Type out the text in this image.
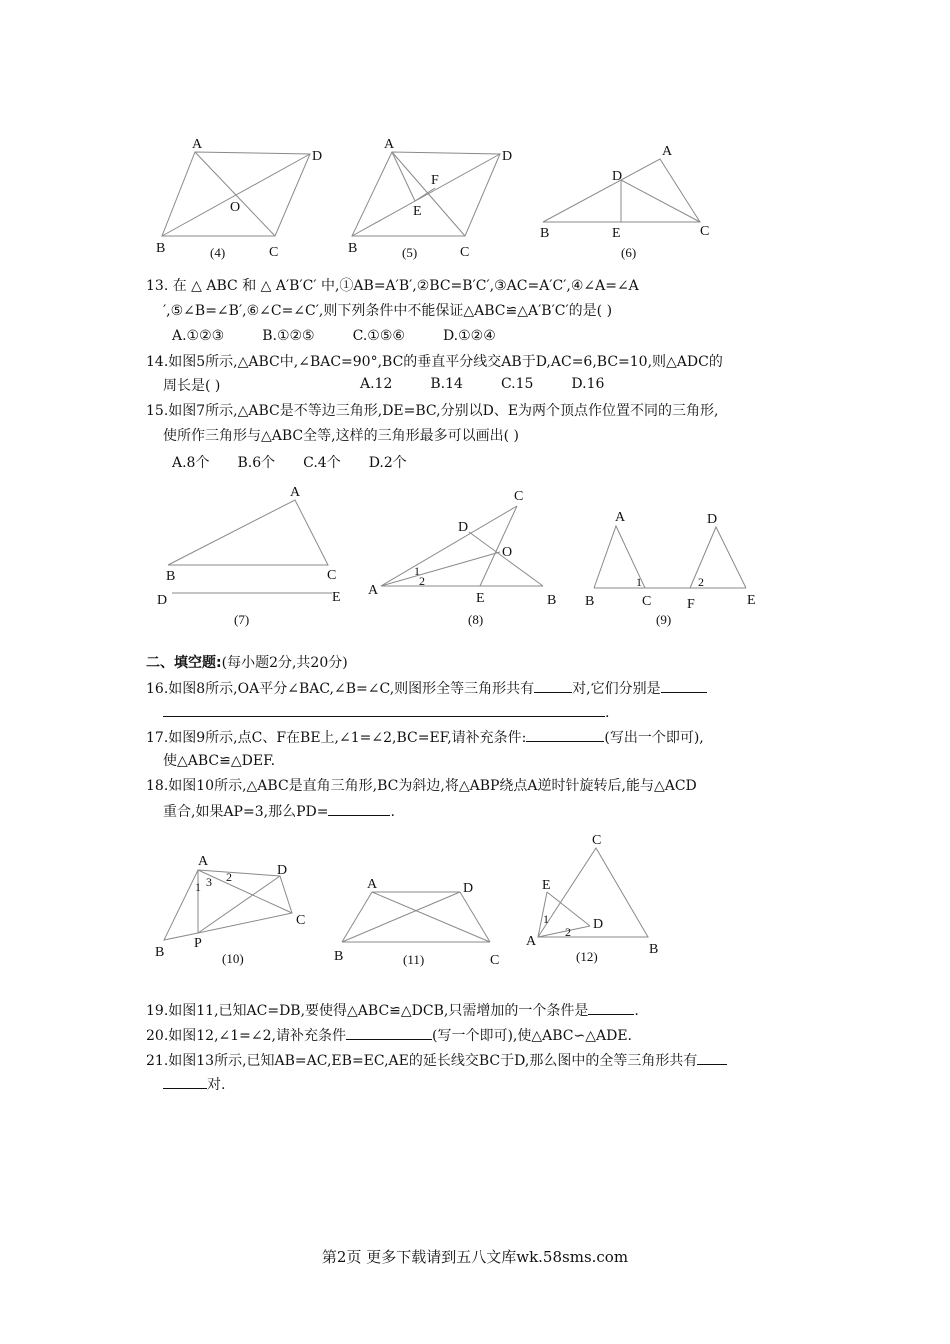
A
D
O
B	C
(4)
A
D
F
E
B	C
(5)
A
D
B	E	C
(6)
13. 在 △ ABC 和 △ A′B′C′ 中,①AB=A′B′,②BC=B′C′,③AC=A′C′,④∠A=∠A
′,⑤∠B=∠B′,⑥∠C=∠C′,则下列条件中不能保证△ABC≌△A′B′C′的是( )
A.①②③	B.①②⑤	C.①⑤⑥	D.①②④
14.如图5所示,△ABC中,∠BAC=90°,BC的垂直平分线交AB于D,AC=6,BC=10,则△ADC的
周长是( )	A.12	B.14	C.15	D.16
15.如图7所示,△ABC是不等边三角形,DE=BC,分别以D、E为两个顶点作位置不同的三角形,
使所作三角形与△ABC全等,这样的三角形最多可以画出( )
A.8个 B.6个 C.4个 D.2个
A
B	C
D	E
(7)
C
D
O
1
2
A
E	B
(8)
A	D
1	2
B	C	F	E
(9)
二、填空题:(每小题2分,共20分)
16.如图8所示,OA平分∠BAC,∠B=∠C,则图形全等三角形共有	对,它们分别是
.
17.如图9所示,点C、F在BE上,∠1=∠2,BC=EF,请补充条件:	(写出一个即可),
使△ABC≌△DEF.
18.如图10所示,△ABC是直角三角形,BC为斜边,将△ABP绕点A逆时针旋转后,能与△ACD
重合,如果AP=3,那么PD=	.
A
3 2
1
D
C
P
B	(10)
A	D
B	C
(11)
C
E
1	D
2
A
B
(12)
19.如图11,已知AC=DB,要使得△ABC≌△DCB,只需增加的一个条件是	.
20.如图12,∠1=∠2,请补充条件	(写一个即可),使△ABC∽△ADE.
21.如图13所示,已知AB=AC,EB=EC,AE的延长线交BC于D,那么图中的全等三角形共有
对.
第2页 更多下载请到五八文库wk.58sms.com
